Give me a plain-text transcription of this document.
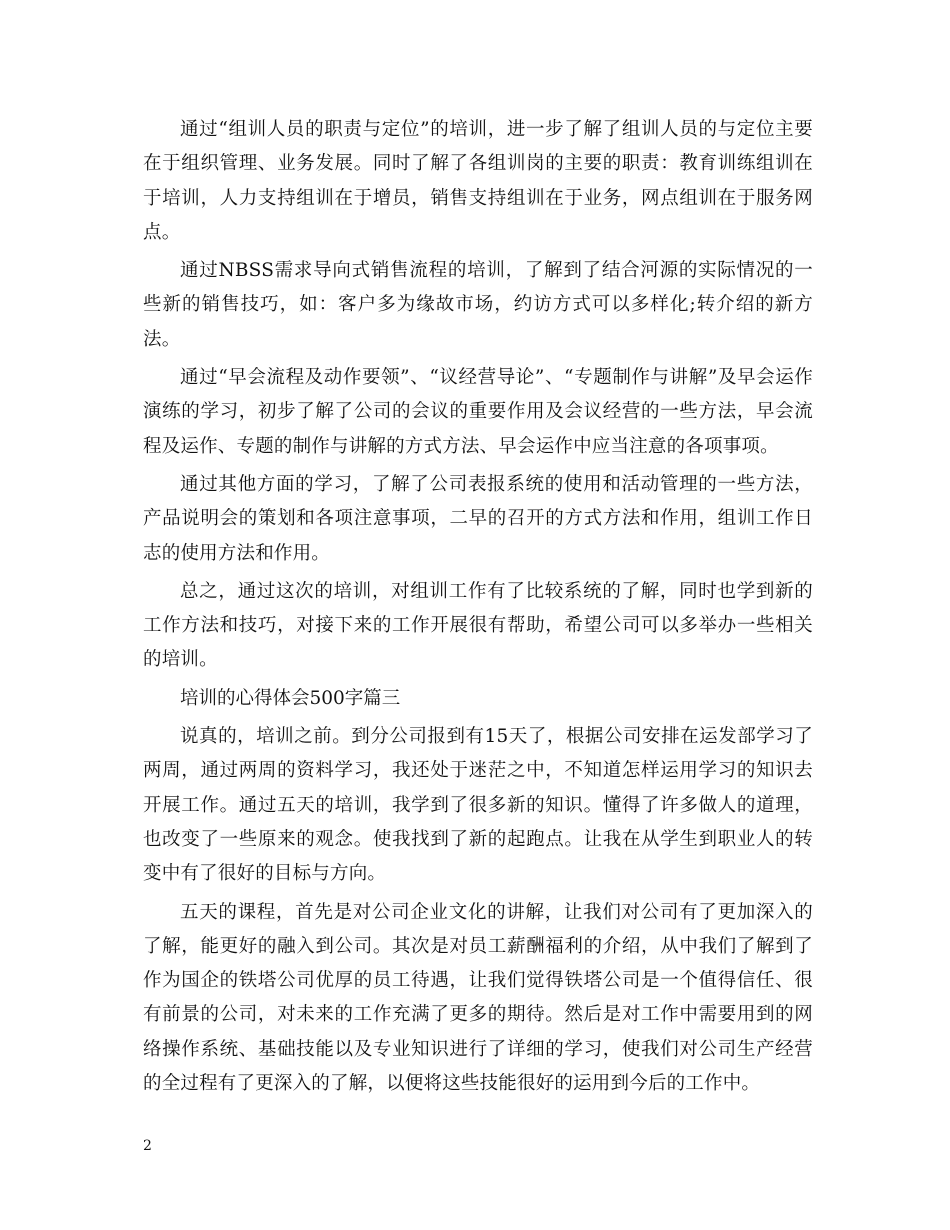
通过“组训人员的职责与定位”的培训，进一步了解了组训人员的与定位主要在于组织管理、业务发展。同时了解了各组训岗的主要的职责：教育训练组训在于培训，人力支持组训在于增员，销售支持组训在于业务，网点组训在于服务网点。

通过NBSS需求导向式销售流程的培训，了解到了结合河源的实际情况的一些新的销售技巧，如：客户多为缘故市场，约访方式可以多样化;转介绍的新方法。

通过“早会流程及动作要领”、“议经营导论”、“专题制作与讲解”及早会运作演练的学习，初步了解了公司的会议的重要作用及会议经营的一些方法，早会流程及运作、专题的制作与讲解的方式方法、早会运作中应当注意的各项事项。

通过其他方面的学习，了解了公司表报系统的使用和活动管理的一些方法，产品说明会的策划和各项注意事项，二早的召开的方式方法和作用，组训工作日志的使用方法和作用。

总之，通过这次的培训，对组训工作有了比较系统的了解，同时也学到新的工作方法和技巧，对接下来的工作开展很有帮助，希望公司可以多举办一些相关的培训。

培训的心得体会500字篇三

说真的，培训之前。到分公司报到有15天了，根据公司安排在运发部学习了两周，通过两周的资料学习，我还处于迷茫之中，不知道怎样运用学习的知识去开展工作。通过五天的培训，我学到了很多新的知识。懂得了许多做人的道理，也改变了一些原来的观念。使我找到了新的起跑点。让我在从学生到职业人的转变中有了很好的目标与方向。

五天的课程，首先是对公司企业文化的讲解，让我们对公司有了更加深入的了解，能更好的融入到公司。其次是对员工薪酬福利的介绍，从中我们了解到了作为国企的铁塔公司优厚的员工待遇，让我们觉得铁塔公司是一个值得信任、很有前景的公司，对未来的工作充满了更多的期待。然后是对工作中需要用到的网络操作系统、基础技能以及专业知识进行了详细的学习，使我们对公司生产经营的全过程有了更深入的了解，以便将这些技能很好的运用到今后的工作中。

2
